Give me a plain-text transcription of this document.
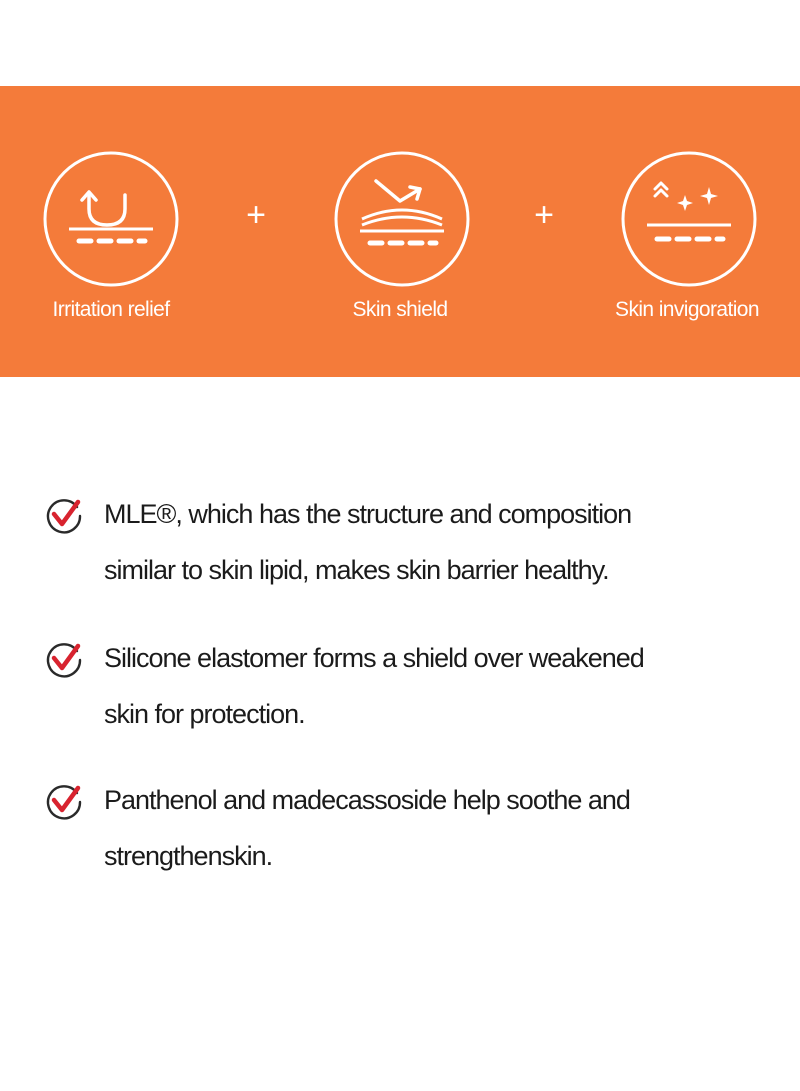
+	+
Irritation relief	Skin shield	Skin invigoration
MLE®, which has the structure and composition
similar to skin lipid, makes skin barrier healthy.
Silicone elastomer forms a shield over weakened
skin for protection.
Panthenol and madecassoside help soothe and
strengthenskin.
